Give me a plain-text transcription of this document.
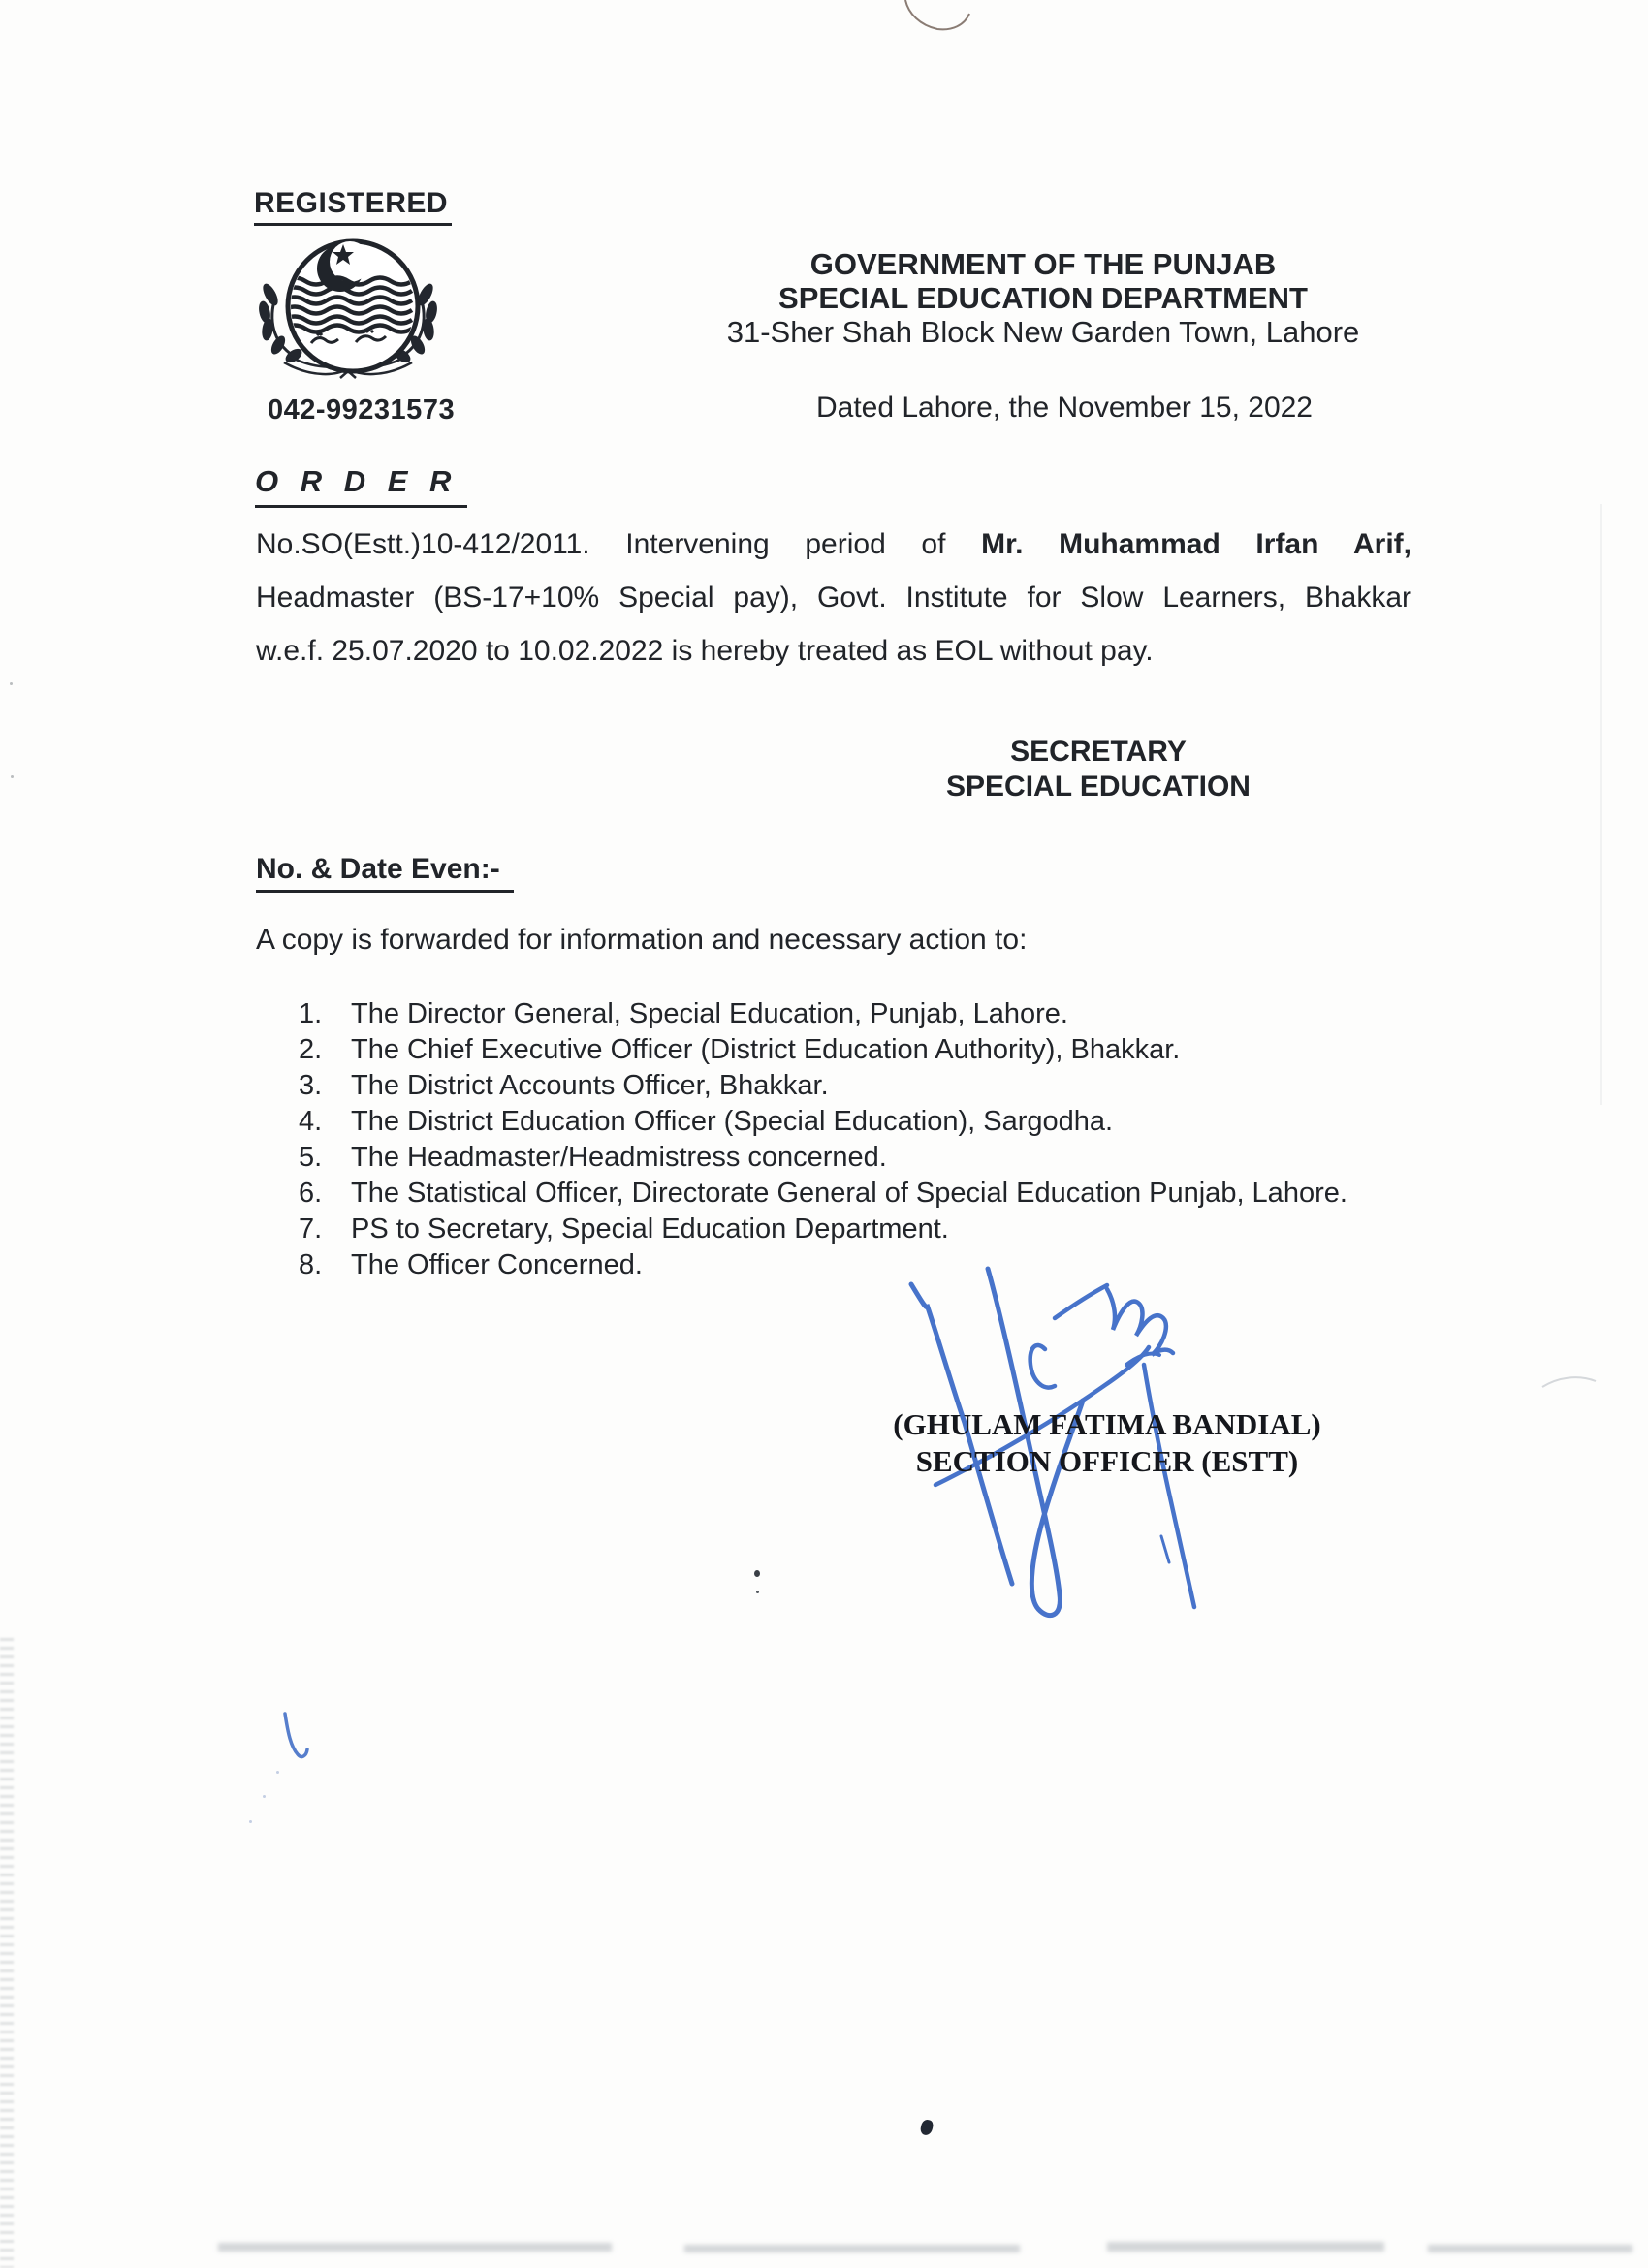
REGISTERED
042-99231573
GOVERNMENT OF THE PUNJAB
SPECIAL EDUCATION DEPARTMENT
31-Sher Shah Block New Garden Town, Lahore
Dated Lahore, the November 15, 2022
O R D E R
No.SO(Estt.)10-412/2011. Intervening period of Mr. Muhammad Irfan Arif,
Headmaster (BS-17+10% Special pay), Govt. Institute for Slow Learners, Bhakkar
w.e.f. 25.07.2020 to 10.02.2022 is hereby treated as EOL without pay.
SECRETARY
SPECIAL EDUCATION
No. & Date Even:-
A copy is forwarded for information and necessary action to:
1.	The Director General, Special Education, Punjab, Lahore.
2.	The Chief Executive Officer (District Education Authority), Bhakkar.
3.	The District Accounts Officer, Bhakkar.
4.	The District Education Officer (Special Education), Sargodha.
5.	The Headmaster/Headmistress concerned.
6.	The Statistical Officer, Directorate General of Special Education Punjab, Lahore.
7.	PS to Secretary, Special Education Department.
8.	The Officer Concerned.
(GHULAM FATIMA BANDIAL)
SECTION OFFICER (ESTT)
